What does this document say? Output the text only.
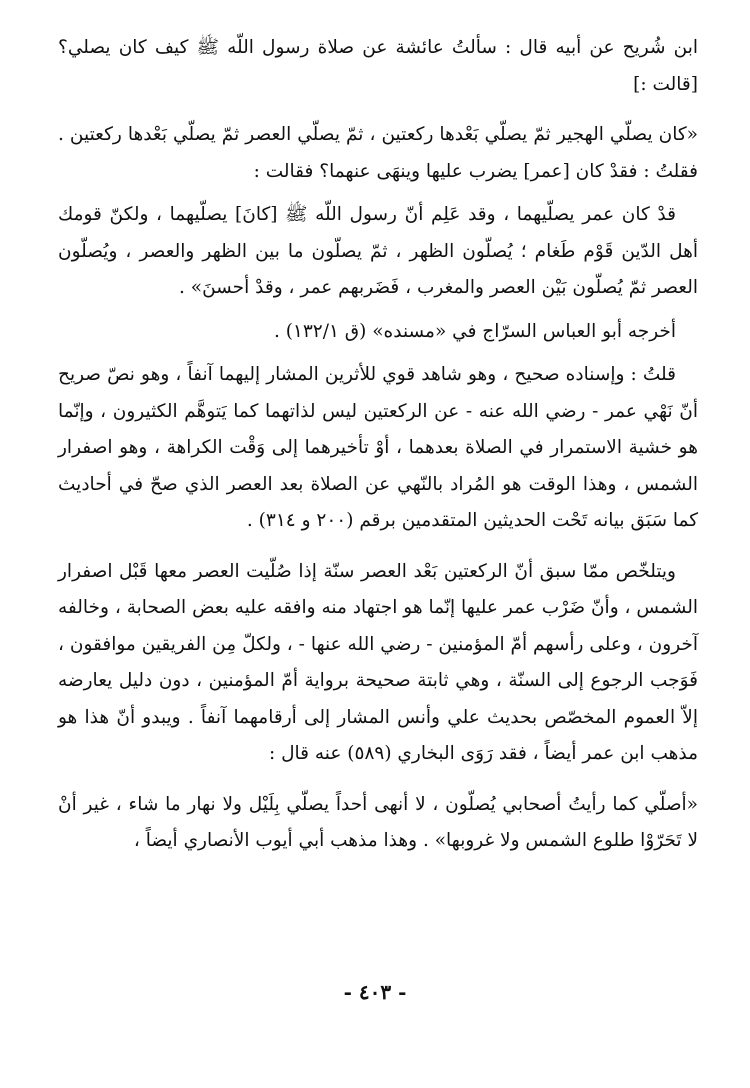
ابن شُريح عن أبيه قال : سألتُ عائشة عن صلاة رسول اللّه ﷺ كيف كان يصلي؟ [قالت :]

«كان يصلّي الهجير ثمّ يصلّي بَعْدها ركعتين ، ثمّ يصلّي العصر ثمّ يصلّي بَعْدها ركعتين . فقلتُ : فقدْ كان [عمر] يضرب عليها وينهَى عنهما؟ فقالت :

قدْ كان عمر يصلّيهما ، وقد عَلِم أنّ رسول اللّه ﷺ [كانَ] يصلّيهما ، ولكنّ قومك أهل الدّين قَوْم طَغام ؛ يُصلّون الظهر ، ثمّ يصلّون ما بين الظهر والعصر ، ويُصلّون العصر ثمّ يُصلّون بَيْن العصر والمغرب ، فَضَربهم عمر ، وقدْ أحسنَ» .

أخرجه أبو العباس السرّاج في «مسنده» (ق ١٣٢/١) .

قلتُ : وإسناده صحيح ، وهو شاهد قوي للأثرين المشار إليهما آنفاً ، وهو نصّ صريح أنّ نَهْي عمر - رضي الله عنه - عن الركعتين ليس لذاتهما كما يَتوهَّم الكثيرون ، وإنّما هو خشية الاستمرار في الصلاة بعدهما ، أوْ تأخيرهما إلى وَقْت الكراهة ، وهو اصفرار الشمس ، وهذا الوقت هو المُراد بالنّهي عن الصلاة بعد العصر الذي صحّ في أحاديث كما سَبَق بيانه تَحْت الحديثين المتقدمين برقم (٢٠٠ و ٣١٤) .

ويتلخّص ممّا سبق أنّ الركعتين بَعْد العصر سنّة إذا صُلّيت العصر معها قَبْل اصفرار الشمس ، وأنّ ضَرْب عمر عليها إنّما هو اجتهاد منه وافقه عليه بعض الصحابة ، وخالفه آخرون ، وعلى رأسهم أمّ المؤمنين - رضي الله عنها - ، ولكلّ مِن الفريقين موافقون ، فَوَجب الرجوع إلى السنّة ، وهي ثابتة صحيحة برواية أمّ المؤمنين ، دون دليل يعارضه إلاّ العموم المخصّص بحديث علي وأنس المشار إلى أرقامهما آنفاً . ويبدو أنّ هذا هو مذهب ابن عمر أيضاً ، فقد رَوَى البخاري (٥٨٩) عنه قال :

«أصلّي كما رأيتُ أصحابي يُصلّون ، لا أنهى أحداً يصلّي بِلَيْل ولا نهار ما شاء ، غير أنْ لا تَحَرّوْا طلوع الشمس ولا غروبها» . وهذا مذهب أبي أيوب الأنصاري أيضاً ،

- ٤٠٣ -
